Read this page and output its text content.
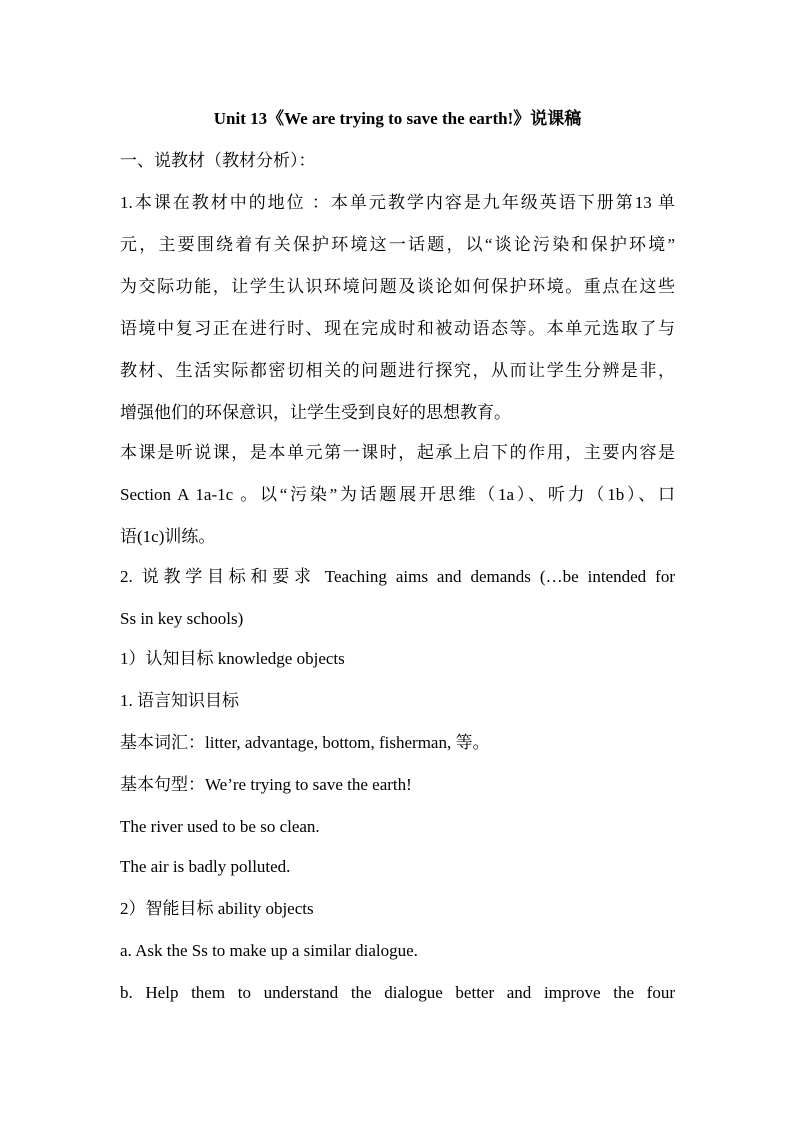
Unit 13《We are trying to save the earth!》说课稿
一、说教材（教材分析）：
1.本课在教材中的地位 ：本单元教学内容是九年级英语下册第13 单
元，主要围绕着有关保护环境这一话题，以“谈论污染和保护环境”
为交际功能，让学生认识环境问题及谈论如何保护环境。重点在这些
语境中复习正在进行时、现在完成时和被动语态等。本单元选取了与
教材、生活实际都密切相关的问题进行探究，从而让学生分辨是非，
增强他们的环保意识，让学生受到良好的思想教育。
本课是听说课，是本单元第一课时，起承上启下的作用，主要内容是
Section A 1a-1c 。以“污染”为话题展开思维（1a）、听力（1b）、口
语(1c)训练。
2. 说教学目标和要求 Teaching aims and demands (…be intended for
Ss in key schools)
1）认知目标 knowledge objects
1. 语言知识目标
基本词汇：litter, advantage, bottom, fisherman, 等。
基本句型：We’re trying to save the earth!
The river used to be so clean.
The air is badly polluted.
2）智能目标 ability objects
a. Ask the Ss to make up a similar dialogue.
b. Help them to understand the dialogue better and improve the four
